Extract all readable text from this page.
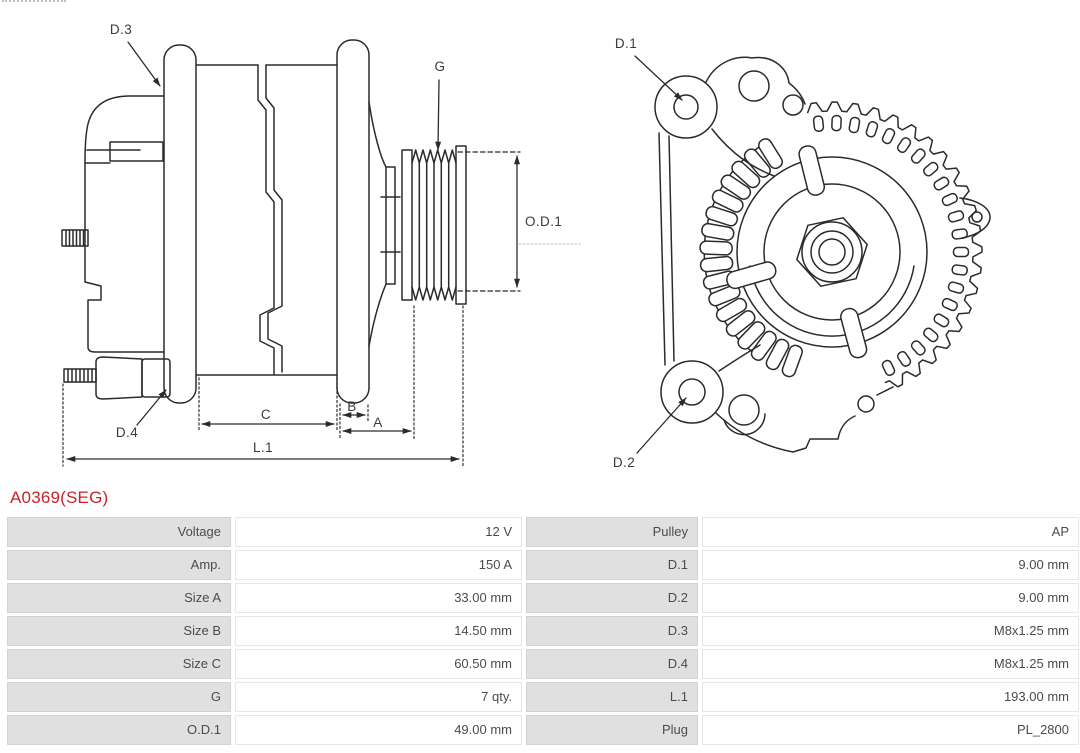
D.3
G
O.D.1
D.4
C
B
A
L.1
D.1
D.2
A0369(SEG)
Voltage	12 V	Pulley	AP
Amp.	150 A	D.1	9.00 mm
Size A	33.00 mm	D.2	9.00 mm
Size B	14.50 mm	D.3	M8x1.25 mm
Size C	60.50 mm	D.4	M8x1.25 mm
G	7 qty.	L.1	193.00 mm
O.D.1	49.00 mm	Plug	PL_2800
